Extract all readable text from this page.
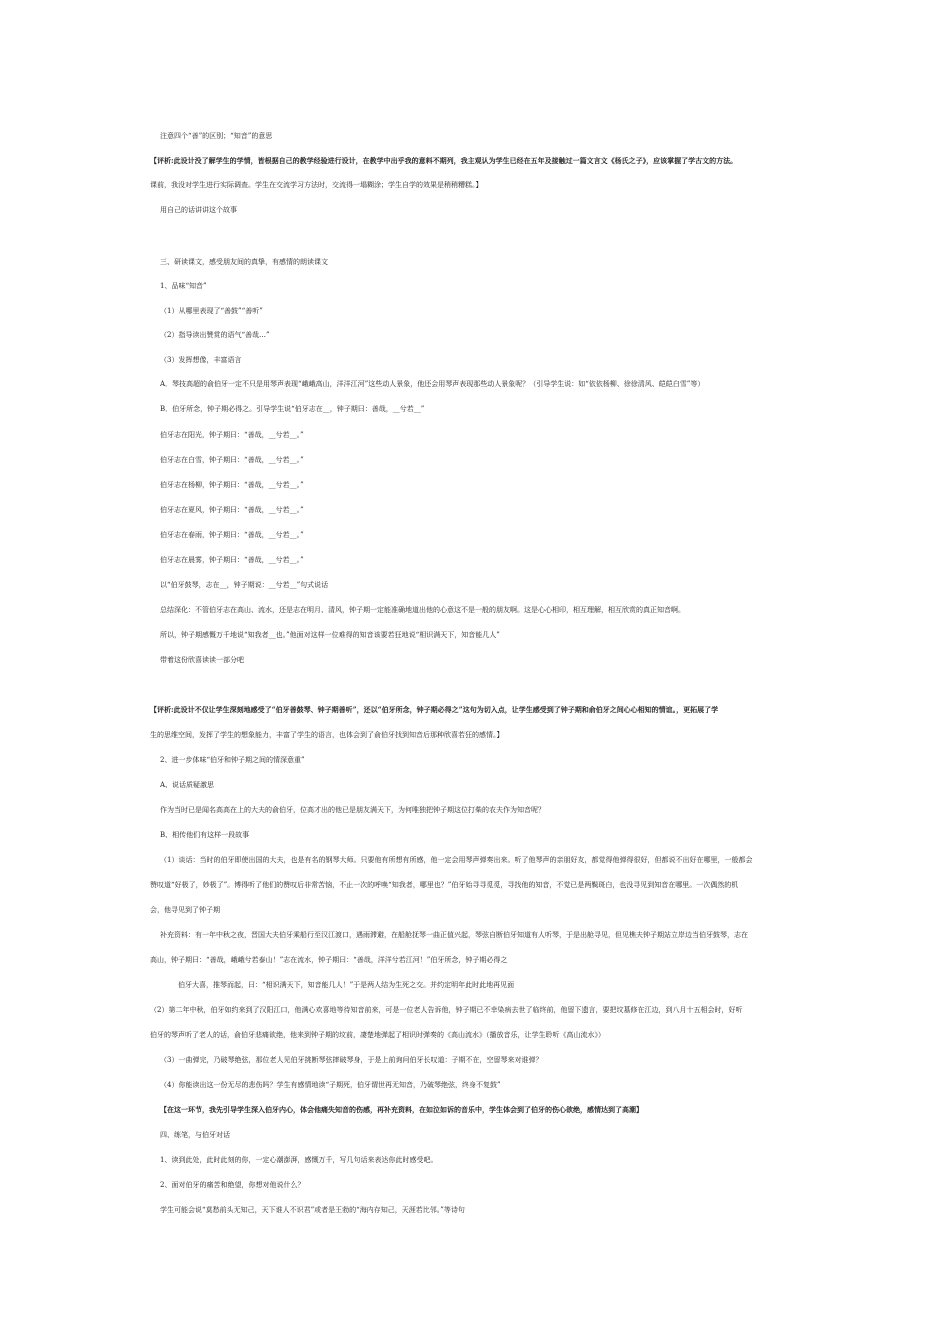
注意四个“善”的区别；“知音”的意思
【评析:此设计没了解学生的学情，皆根据自己的教学经验进行设计，在教学中出乎我的意料不期列，我主观认为学生已经在五年及接触过一篇文言文《杨氏之子》，应该掌握了学古文的方法。
课前，我没对学生进行实际调查。学生在交流学习方法时，交流得一塌糊涂；学生自学的效果是稍稍糟糕。】
用自己的话讲讲这个故事
三、研读课文，感受朋友间的真挚，有感情的朗读课文
1、品味“知音”
（1）从哪里表现了“善鼓”“善听”
（2）指导读出赞赏的语气“善哉…”
（3）发挥想像，丰富语言
A．琴技高超的俞伯牙一定不只是用琴声表现“峨峨高山，洋洋江河”这些动人景象，他还会用琴声表现那些动人景象呢？（引导学生说：如“依依杨柳、徐徐清风、皑皑白雪”等）
B．伯牙所念，钟子期必得之。引导学生说“伯牙志在__，钟子期曰：善哉，__兮若__”
伯牙志在阳光，钟子期曰：“善哉，__兮若__。”
伯牙志在白雪，钟子期曰：“善哉，__兮若__。”
伯牙志在杨柳，钟子期曰：“善哉，__兮若__。”
伯牙志在夏风，钟子期曰：“善哉，__兮若__。”
伯牙志在春雨，钟子期曰：“善哉，__兮若__。”
伯牙志在晨雾，钟子期曰：“善哉，__兮若__。”
以“伯牙鼓琴，志在__，钟子期说：__兮若__”句式说话
总结深化：不管伯牙志在高山、流水，还是志在明月、清风，钟子期一定能准确地道出他的心意这不是一般的朋友啊。这是心心相印，相互理解，相互欣赏的真正知音啊。
所以，钟子期感慨万千地说“知我者__也。”他面对这样一位难得的知音该要若狂地说“相识满天下，知音能几人”
带着这份欣喜读读一部分吧
【评析:此设计不仅让学生深刻地感受了“伯牙善鼓琴、钟子期善听”，还以“伯牙所念，钟子期必得之”这句为切入点，让学生感受到了钟子期和俞伯牙之间心心相知的情谊。，更拓展了学
生的思维空间，发挥了学生的想象能力，丰富了学生的语言，也体会到了俞伯牙找到知音后那种欣喜若狂的感情。】
2、进一步体味“伯牙和钟子期之间的情深意重”
A、说话质疑激思
作为当时已是闻名高高在上的大夫的俞伯牙，位高才出的他已是朋友满天下，为何唯独把钟子期这位打柴的农夫作为知音呢？
B、相传他们有这样一段故事
（1）谈话：当时的伯牙即使出国的大夫，也是有名的钢琴大师。只要他有所想有所感，他一定会用琴声弹奏出来。听了他琴声的亲朋好友，都觉得他弹得很好，但都说不出好在哪里，一般都会
赞叹道“好极了，妙极了”。博得听了他们的赞叹后非常苦恼，不止一次的呼唤“知我者，哪里也？”伯牙始寻寻觅觅，寻找他的知音，不觉已是两鬓斑白，也没寻见到知音在哪里。一次偶然的机
会，他寻见到了钟子期
补充资料：有一年中秋之夜，晋国大夫伯牙乘船行至汉江渡口，遇雨滞避，在船舱抚琴一曲正值兴起，琴弦自断伯牙知道有人听琴，于是出舱寻见，但见樵夫钟子期站立岸边当伯牙鼓琴，志在
高山，钟子期曰：“善哉，峨峨兮若泰山！”志在流水，钟子期曰：“善哉，洋洋兮若江河！”伯牙所念，钟子期必得之
伯牙大喜，推琴而起，曰：“相识满天下，知音能几人！”于是两人结为生死之交。并约定明年此时此地再见面
（2）第二年中秋，伯牙如约来到了汉阳江口，他满心欢喜地等待知音前来，可是一位老人告诉他，钟子期已不幸染病去世了临终前，他留下遗言，要把坟墓修在江边，到八月十五相会时，好听
伯牙的琴声听了老人的话，俞伯牙悲痛欲绝，他来到钟子期的坟前，凄楚地弹起了相识时弹奏的《高山流水》（播放音乐，让学生聆听《高山流水》）
（3）一曲弹完，乃破琴绝弦，那位老人见伯牙挑断琴弦摔破琴身，于是上前询问伯牙长叹道：子期不在，空留琴来对谁弹？
（4）你能读出这一份无尽的悲伤吗？学生有感情地读“子期死，伯牙谓世再无知音，乃破琴绝弦，终身不复鼓”
【在这一环节，我先引导学生深入伯牙内心，体会他痛失知音的伤感，再补充资料，在如泣如诉的音乐中，学生体会到了伯牙的伤心欲绝，感情达到了高潮】
四、练笔，与伯牙对话
1、读到此处，此时此刻的你，一定心潮澎湃，感慨万千，写几句话来表达你此时感受吧。
2、面对伯牙的痛苦和绝望，你想对他说什么？
学生可能会说“莫愁前头无知己，天下谁人不识君”或者是王勃的“海内存知己，天涯若比邻。”等诗句
